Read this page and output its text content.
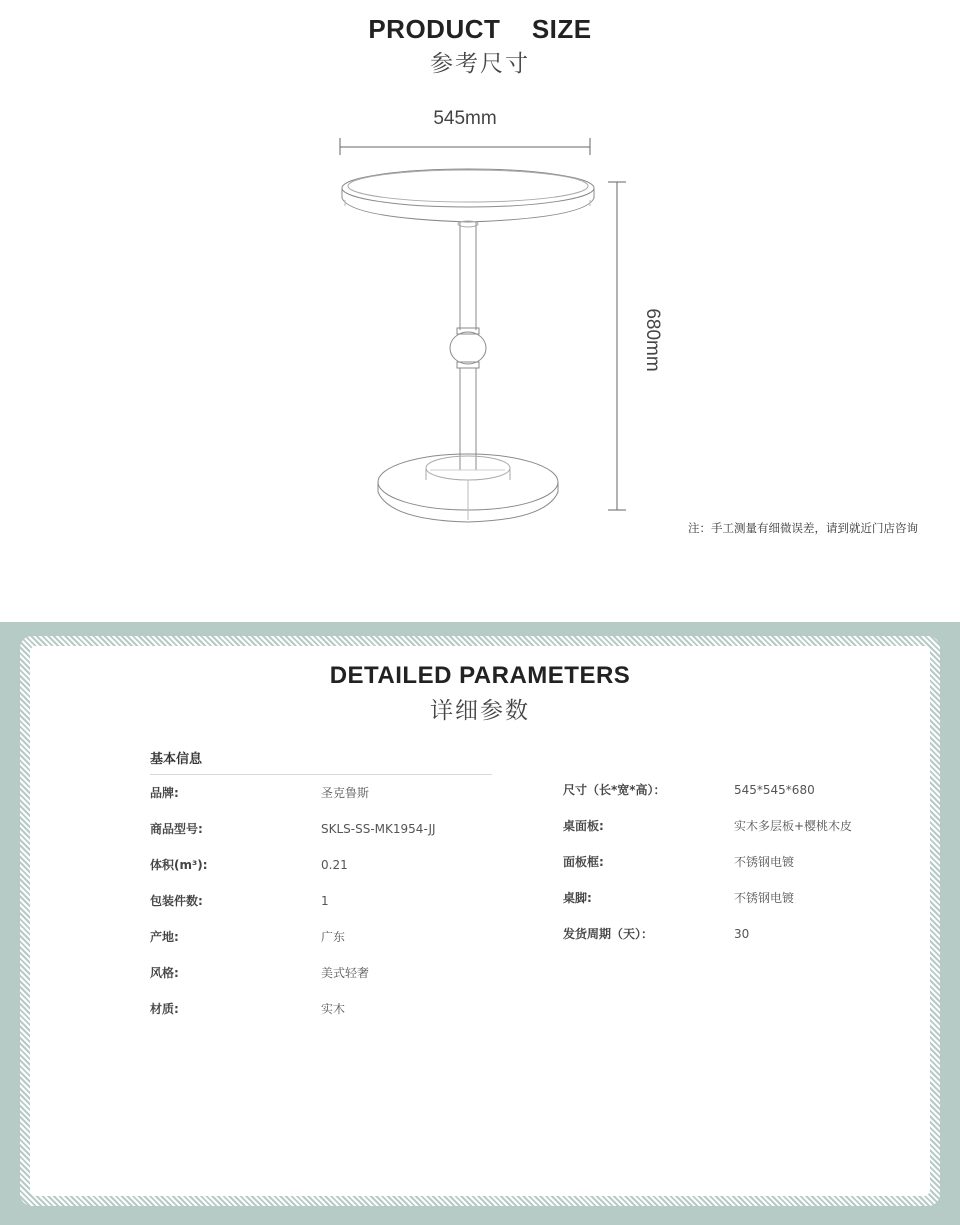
PRODUCT  SIZE
参考尺寸
545mm
680mm
注：手工测量有细微误差，请到就近门店咨询
DETAILED PARAMETERS
详细参数
基本信息
品牌:	圣克鲁斯
商品型号:	SKLS-SS-MK1954-JJ
体积(m³):	0.21
包装件数:	1
产地:	广东
风格:	美式轻奢
材质:	实木
尺寸（长*宽*高）：	545*545*680
桌面板:	实木多层板+樱桃木皮
面板框:	不锈钢电镀
桌脚:	不锈钢电镀
发货周期（天）：	30
